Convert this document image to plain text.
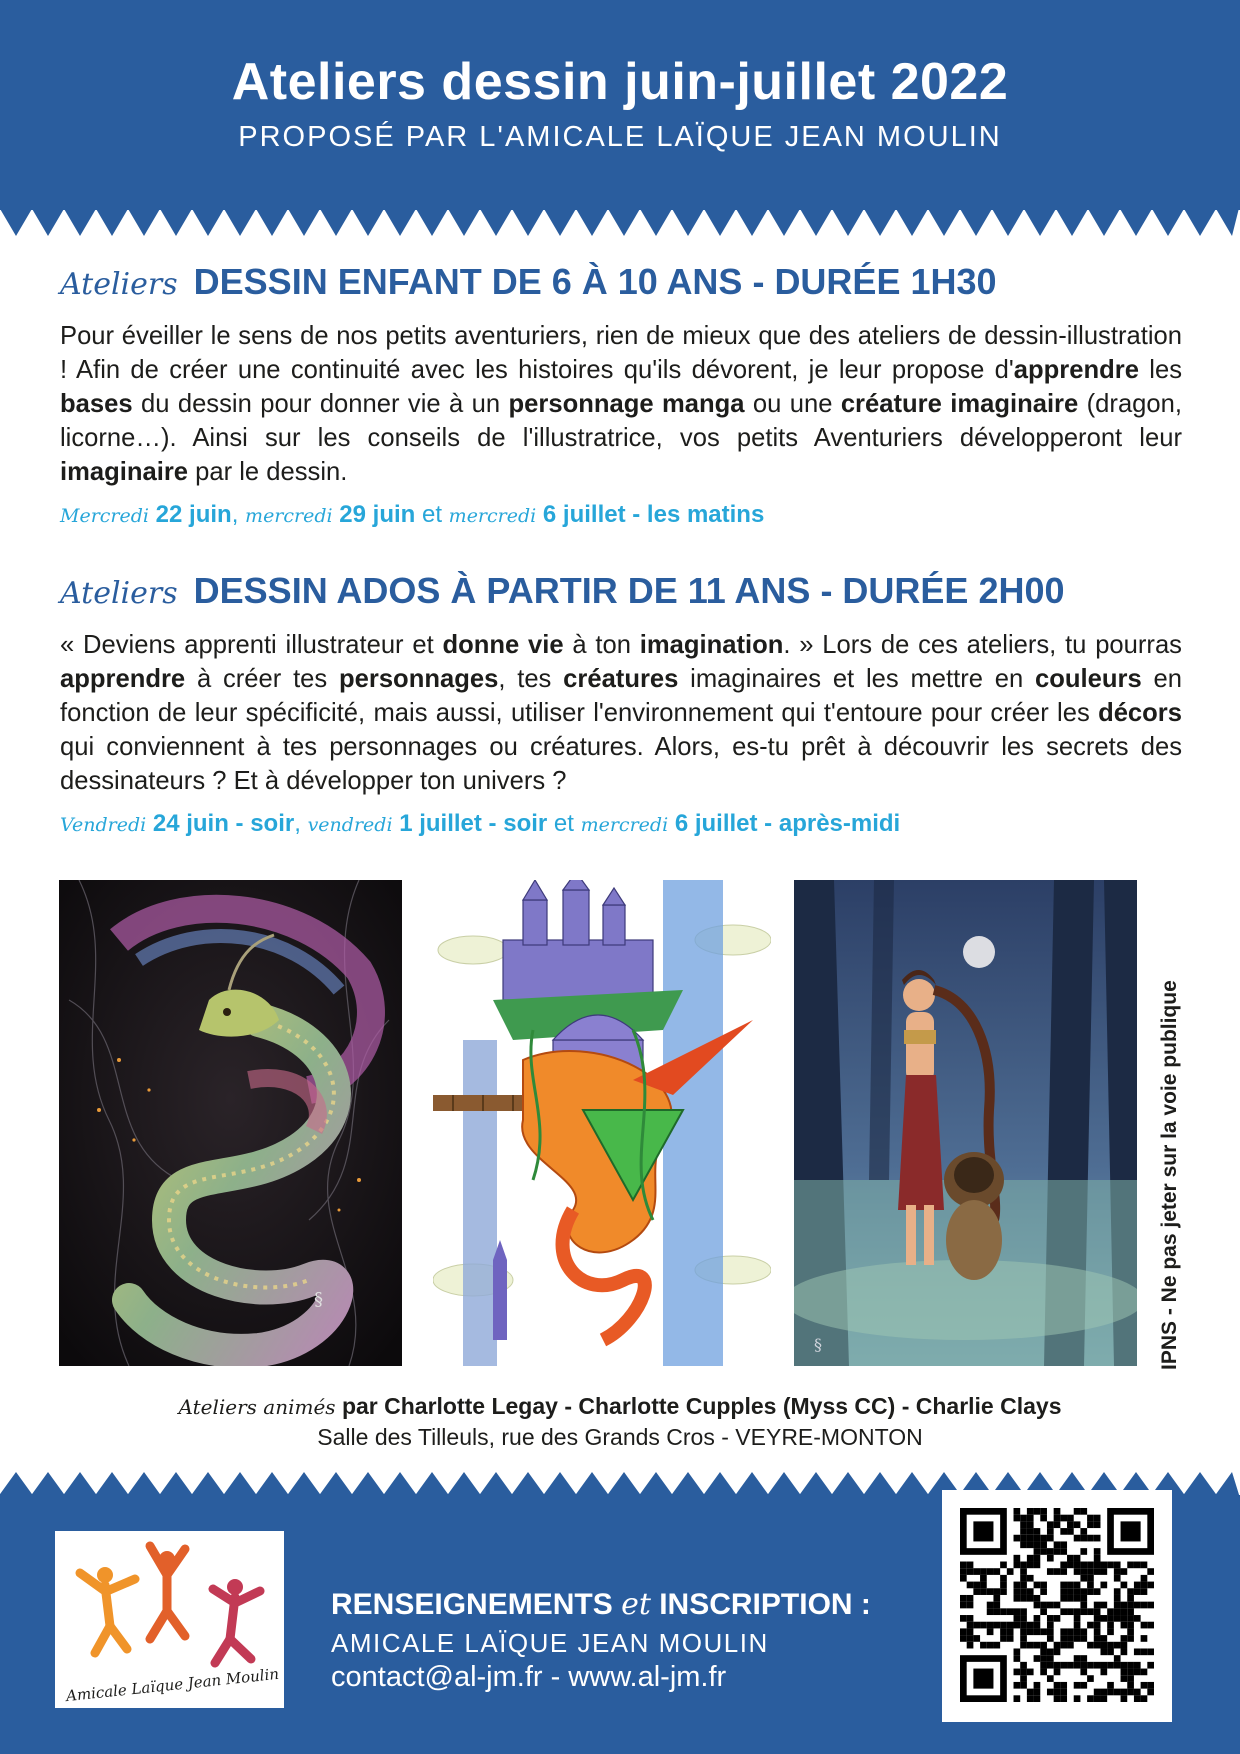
Ateliers dessin juin-juillet 2022
PROPOSÉ PAR L'AMICALE LAÏQUE JEAN MOULIN
Ateliers DESSIN ENFANT DE 6 À 10 ANS - DURÉE 1H30
Pour éveiller le sens de nos petits aventuriers, rien de mieux que des ateliers de dessin-illustration ! Afin de créer une continuité avec les histoires qu'ils dévorent, je leur propose d'apprendre les bases du dessin pour donner vie à un personnage manga ou une créature imaginaire (dragon, licorne…). Ainsi sur les conseils de l'illustratrice, vos petits Aventuriers développeront leur imaginaire par le dessin.
Mercredi 22 juin, mercredi 29 juin et mercredi 6 juillet - les matins
Ateliers DESSIN ADOS À PARTIR DE 11 ANS - DURÉE 2H00
« Deviens apprenti illustrateur et donne vie à ton imagination. » Lors de ces ateliers, tu pourras apprendre à créer tes personnages, tes créatures imaginaires et les mettre en couleurs en fonction de leur spécificité, mais aussi, utiliser l'environnement qui t'entoure pour créer les décors qui conviennent à tes personnages ou créatures. Alors, es-tu prêt à découvrir les secrets des dessinateurs ? Et à développer ton univers ?
Vendredi 24 juin - soir, vendredi 1 juillet - soir et mercredi 6 juillet - après-midi
§
§	IPNS - Ne pas jeter sur la voie publique
Ateliers animés par Charlotte Legay - Charlotte Cupples (Myss CC) - Charlie Clays
Salle des Tilleuls, rue des Grands Cros - VEYRE-MONTON
Amicale Laïque Jean Moulin
RENSEIGNEMENTS et INSCRIPTION :
AMICALE LAÏQUE JEAN MOULIN
contact@al-jm.fr - www.al-jm.fr
